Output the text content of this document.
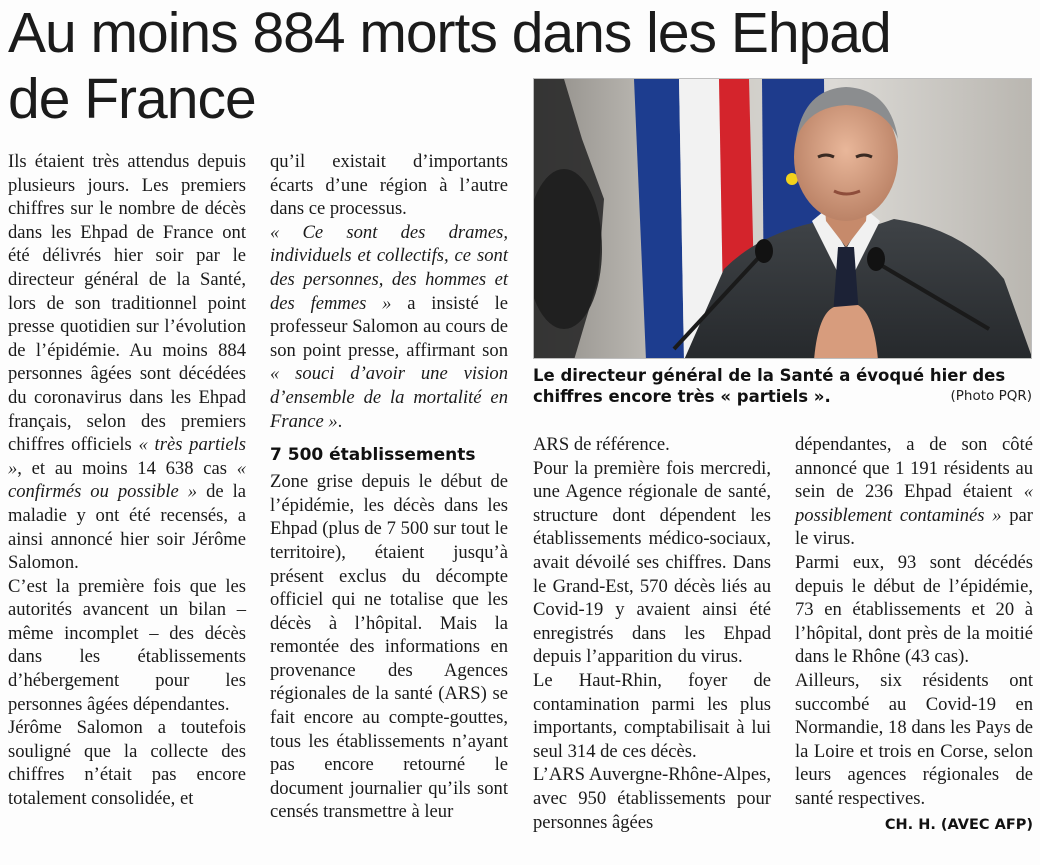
Au moins 884 morts dans les Ehpad
de France
Le directeur général de la Santé a évoqué hier des chiffres encore très « partiels ».	(Photo PQR)

Ils étaient très attendus depuis plusieurs jours. Les premiers chiffres sur le nombre de décès dans les Ehpad de France ont été délivrés hier soir par le directeur général de la Santé, lors de son traditionnel point presse quotidien sur l’évolution de l’épidémie. Au moins 884 personnes âgées sont décédées du coronavirus dans les Ehpad français, selon des premiers chiffres officiels « très partiels », et au moins 14 638 cas « confirmés ou possible » de la maladie y ont été recensés, a ainsi annoncé hier soir Jérôme Salomon.

C’est la première fois que les autorités avancent un bilan – même incomplet – des décès dans les établissements d’hébergement pour les personnes âgées dépendantes.

Jérôme Salomon a toutefois souligné que la collecte des chiffres n’était pas encore totalement consolidée, et

qu’il existait d’importants écarts d’une région à l’autre dans ce processus.

« Ce sont des drames, individuels et collectifs, ce sont des personnes, des hommes et des femmes » a insisté le professeur Salomon au cours de son point presse, affirmant son « souci d’avoir une vision d’ensemble de la mortalité en France ».

7 500 établissements

Zone grise depuis le début de l’épidémie, les décès dans les Ehpad (plus de 7 500 sur tout le territoire), étaient jusqu’à présent exclus du décompte officiel qui ne totalise que les décès à l’hôpital. Mais la remontée des informations en provenance des Agences régionales de la santé (ARS) se fait encore au compte-gouttes, tous les établissements n’ayant pas encore retourné le document journalier qu’ils sont censés transmettre à leur

ARS de référence.

Pour la première fois mercredi, une Agence régionale de santé, structure dont dépendent les établissements médico-sociaux, avait dévoilé ses chiffres. Dans le Grand-Est, 570 décès liés au Covid-19 y avaient ainsi été enregistrés dans les Ehpad depuis l’apparition du virus.

Le Haut-Rhin, foyer de contamination parmi les plus importants, comptabilisait à lui seul 314 de ces décès.

L’ARS Auvergne-Rhône-Alpes, avec 950 établissements pour personnes âgées

dépendantes, a de son côté annoncé que 1 191 résidents au sein de 236 Ehpad étaient « possiblement contaminés » par le virus.

Parmi eux, 93 sont décédés depuis le début de l’épidémie, 73 en établissements et 20 à l’hôpital, dont près de la moitié dans le Rhône (43 cas).

Ailleurs, six résidents ont succombé au Covid-19 en Normandie, 18 dans les Pays de la Loire et trois en Corse, selon leurs agences régionales de santé respectives.

CH. H. (AVEC AFP)
